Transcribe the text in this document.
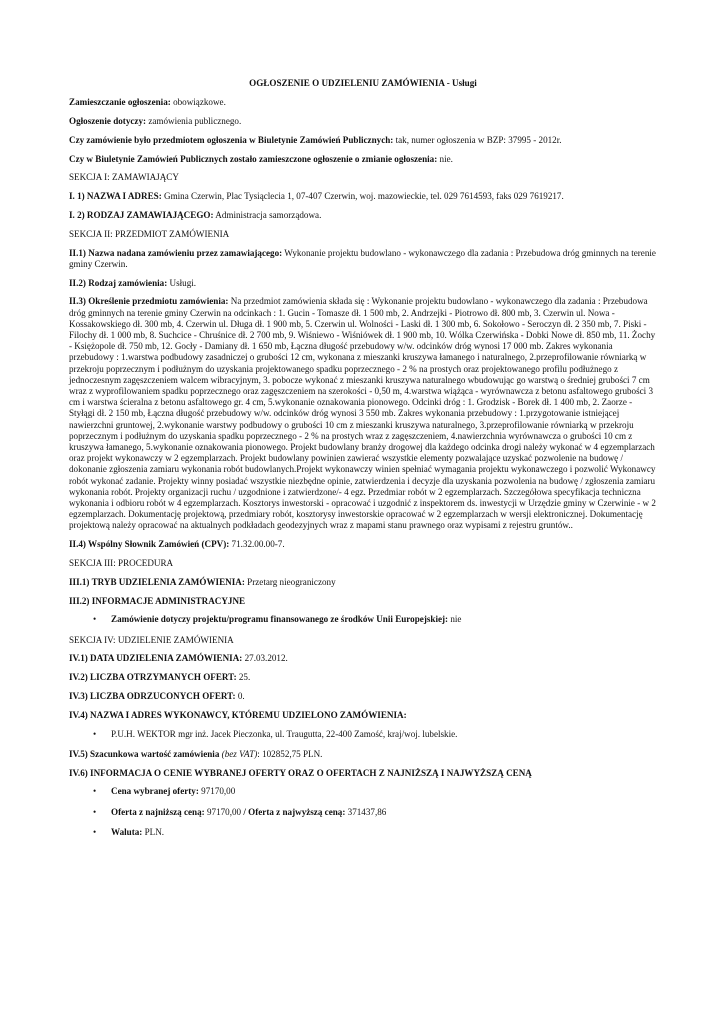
OGŁOSZENIE O UDZIELENIU ZAMÓWIENIA - Usługi

Zamieszczanie ogłoszenia: obowiązkowe.

Ogłoszenie dotyczy: zamówienia publicznego.

Czy zamówienie było przedmiotem ogłoszenia w Biuletynie Zamówień Publicznych: tak, numer ogłoszenia w BZP: 37995 - 2012r.

Czy w Biuletynie Zamówień Publicznych zostało zamieszczone ogłoszenie o zmianie ogłoszenia: nie.

SEKCJA I: ZAMAWIAJĄCY

I. 1) NAZWA I ADRES: Gmina Czerwin, Plac Tysiąclecia 1, 07-407 Czerwin, woj. mazowieckie, tel. 029 7614593, faks 029 7619217.

I. 2) RODZAJ ZAMAWIAJĄCEGO: Administracja samorządowa.

SEKCJA II: PRZEDMIOT ZAMÓWIENIA

II.1) Nazwa nadana zamówieniu przez zamawiającego: Wykonanie projektu budowlano - wykonawczego dla zadania : Przebudowa dróg gminnych na terenie gminy Czerwin.

II.2) Rodzaj zamówienia: Usługi.

II.3) Określenie przedmiotu zamówienia: Na przedmiot zamówienia składa się : Wykonanie projektu budowlano - wykonawczego dla zadania : Przebudowa dróg gminnych na terenie gminy Czerwin na odcinkach : 1. Gucin - Tomasze dł. 1 500 mb, 2. Andrzejki - Piotrowo dł. 800 mb, 3. Czerwin ul. Nowa - Kossakowskiego dł. 300 mb, 4. Czerwin ul. Długa dł. 1 900 mb, 5. Czerwin ul. Wolności - Laski dł. 1 300 mb, 6. Sokołowo - Seroczyn dł. 2 350 mb, 7. Piski - Filochy dł. 1 000 mb, 8. Suchcice - Chruśnice dł. 2 700 mb, 9. Wiśniewo - Wiśniówek dł. 1 900 mb, 10. Wólka Czerwińska - Dobki Nowe dł. 850 mb, 11. Żochy - Księżopole dł. 750 mb, 12. Gocły - Damiany dł. 1 650 mb, Łączna długość przebudowy w/w. odcinków dróg wynosi 17 000 mb. Zakres wykonania przebudowy : 1.warstwa podbudowy zasadniczej o grubości 12 cm, wykonana z mieszanki kruszywa łamanego i naturalnego, 2.przeprofilowanie równiarką w przekroju poprzecznym i podłużnym do uzyskania projektowanego spadku poprzecznego - 2 % na prostych oraz projektowanego profilu podłużnego z jednoczesnym zagęszczeniem walcem wibracyjnym, 3. pobocze wykonać z mieszanki kruszywa naturalnego wbudowując go warstwą o średniej grubości 7 cm wraz z wyprofilowaniem spadku poprzecznego oraz zagęszczeniem na szerokości - 0,50 m, 4.warstwa wiążąca - wyrównawcza z betonu asfaltowego grubości 3 cm i warstwa ścieralna z betonu asfaltowego gr. 4 cm, 5.wykonanie oznakowania pionowego. Odcinki dróg : 1. Grodzisk - Borek dł. 1 400 mb, 2. Zaorze - Styłągi dł. 2 150 mb, Łączna długość przebudowy w/w. odcinków dróg wynosi 3 550 mb. Zakres wykonania przebudowy : 1.przygotowanie istniejącej nawierzchni gruntowej, 2.wykonanie warstwy podbudowy o grubości 10 cm z mieszanki kruszywa naturalnego, 3.przeprofilowanie równiarką w przekroju poprzecznym i podłużnym do uzyskania spadku poprzecznego - 2 % na prostych wraz z zagęszczeniem, 4.nawierzchnia wyrównawcza o grubości 10 cm z kruszywa łamanego, 5.wykonanie oznakowania pionowego. Projekt budowlany branży drogowej dla każdego odcinka drogi należy wykonać w 4 egzemplarzach oraz projekt wykonawczy w 2 egzemplarzach. Projekt budowlany powinien zawierać wszystkie elementy pozwalające uzyskać pozwolenie na budowę / dokonanie zgłoszenia zamiaru wykonania robót budowlanych.Projekt wykonawczy winien spełniać wymagania projektu wykonawczego i pozwolić Wykonawcy robót wykonać zadanie. Projekty winny posiadać wszystkie niezbędne opinie, zatwierdzenia i decyzje dla uzyskania pozwolenia na budowę / zgłoszenia zamiaru wykonania robót. Projekty organizacji ruchu / uzgodnione i zatwierdzone/- 4 egz. Przedmiar robót w 2 egzemplarzach. Szczegółowa specyfikacja techniczna wykonania i odbioru robót w 4 egzemplarzach. Kosztorys inwestorski - opracować i uzgodnić z inspektorem ds. inwestycji w Urzędzie gminy w Czerwinie - w 2 egzemplarzach. Dokumentację projektową, przedmiary robót, kosztorysy inwestorskie opracować w 2 egzemplarzach w wersji elektronicznej. Dokumentację projektową należy opracować na aktualnych podkładach geodezyjnych wraz z mapami stanu prawnego oraz wypisami z rejestru gruntów..

II.4) Wspólny Słownik Zamówień (CPV): 71.32.00.00-7.

SEKCJA III: PROCEDURA

III.1) TRYB UDZIELENIA ZAMÓWIENIA: Przetarg nieograniczony

III.2) INFORMACJE ADMINISTRACYJNE

• Zamówienie dotyczy projektu/programu finansowanego ze środków Unii Europejskiej: nie

SEKCJA IV: UDZIELENIE ZAMÓWIENIA

IV.1) DATA UDZIELENIA ZAMÓWIENIA: 27.03.2012.

IV.2) LICZBA OTRZYMANYCH OFERT: 25.

IV.3) LICZBA ODRZUCONYCH OFERT: 0.

IV.4) NAZWA I ADRES WYKONAWCY, KTÓREMU UDZIELONO ZAMÓWIENIA:

• P.U.H. WEKTOR mgr inż. Jacek Pieczonka, ul. Traugutta, 22-400 Zamość, kraj/woj. lubelskie.

IV.5) Szacunkowa wartość zamówienia (bez VAT): 102852,75 PLN.

IV.6) INFORMACJA O CENIE WYBRANEJ OFERTY ORAZ O OFERTACH Z NAJNIŻSZĄ I NAJWYŻSZĄ CENĄ

• Cena wybranej oferty: 97170,00
• Oferta z najniższą ceną: 97170,00 / Oferta z najwyższą ceną: 371437,86
• Waluta: PLN.
